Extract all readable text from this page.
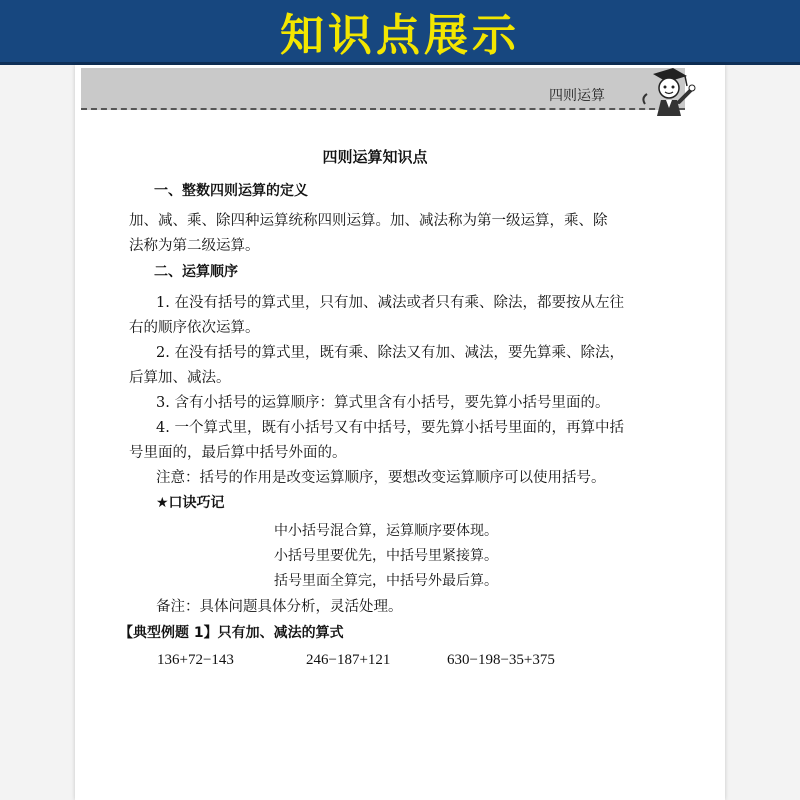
知识点展示
四则运算
四则运算知识点
一、整数四则运算的定义
加、减、乘、除四种运算统称四则运算。加、减法称为第一级运算，乘、除
法称为第二级运算。
二、运算顺序
1. 在没有括号的算式里，只有加、减法或者只有乘、除法，都要按从左往
右的顺序依次运算。
2. 在没有括号的算式里，既有乘、除法又有加、减法，要先算乘、除法，
后算加、减法。
3. 含有小括号的运算顺序：算式里含有小括号，要先算小括号里面的。
4. 一个算式里，既有小括号又有中括号，要先算小括号里面的，再算中括
号里面的，最后算中括号外面的。
注意：括号的作用是改变运算顺序，要想改变运算顺序可以使用括号。
★口诀巧记
中小括号混合算，运算顺序要体现。
小括号里要优先，中括号里紧接算。
括号里面全算完，中括号外最后算。
备注：具体问题具体分析，灵活处理。
【典型例题 1】只有加、减法的算式
136+72−143	246−187+121	630−198−35+375
